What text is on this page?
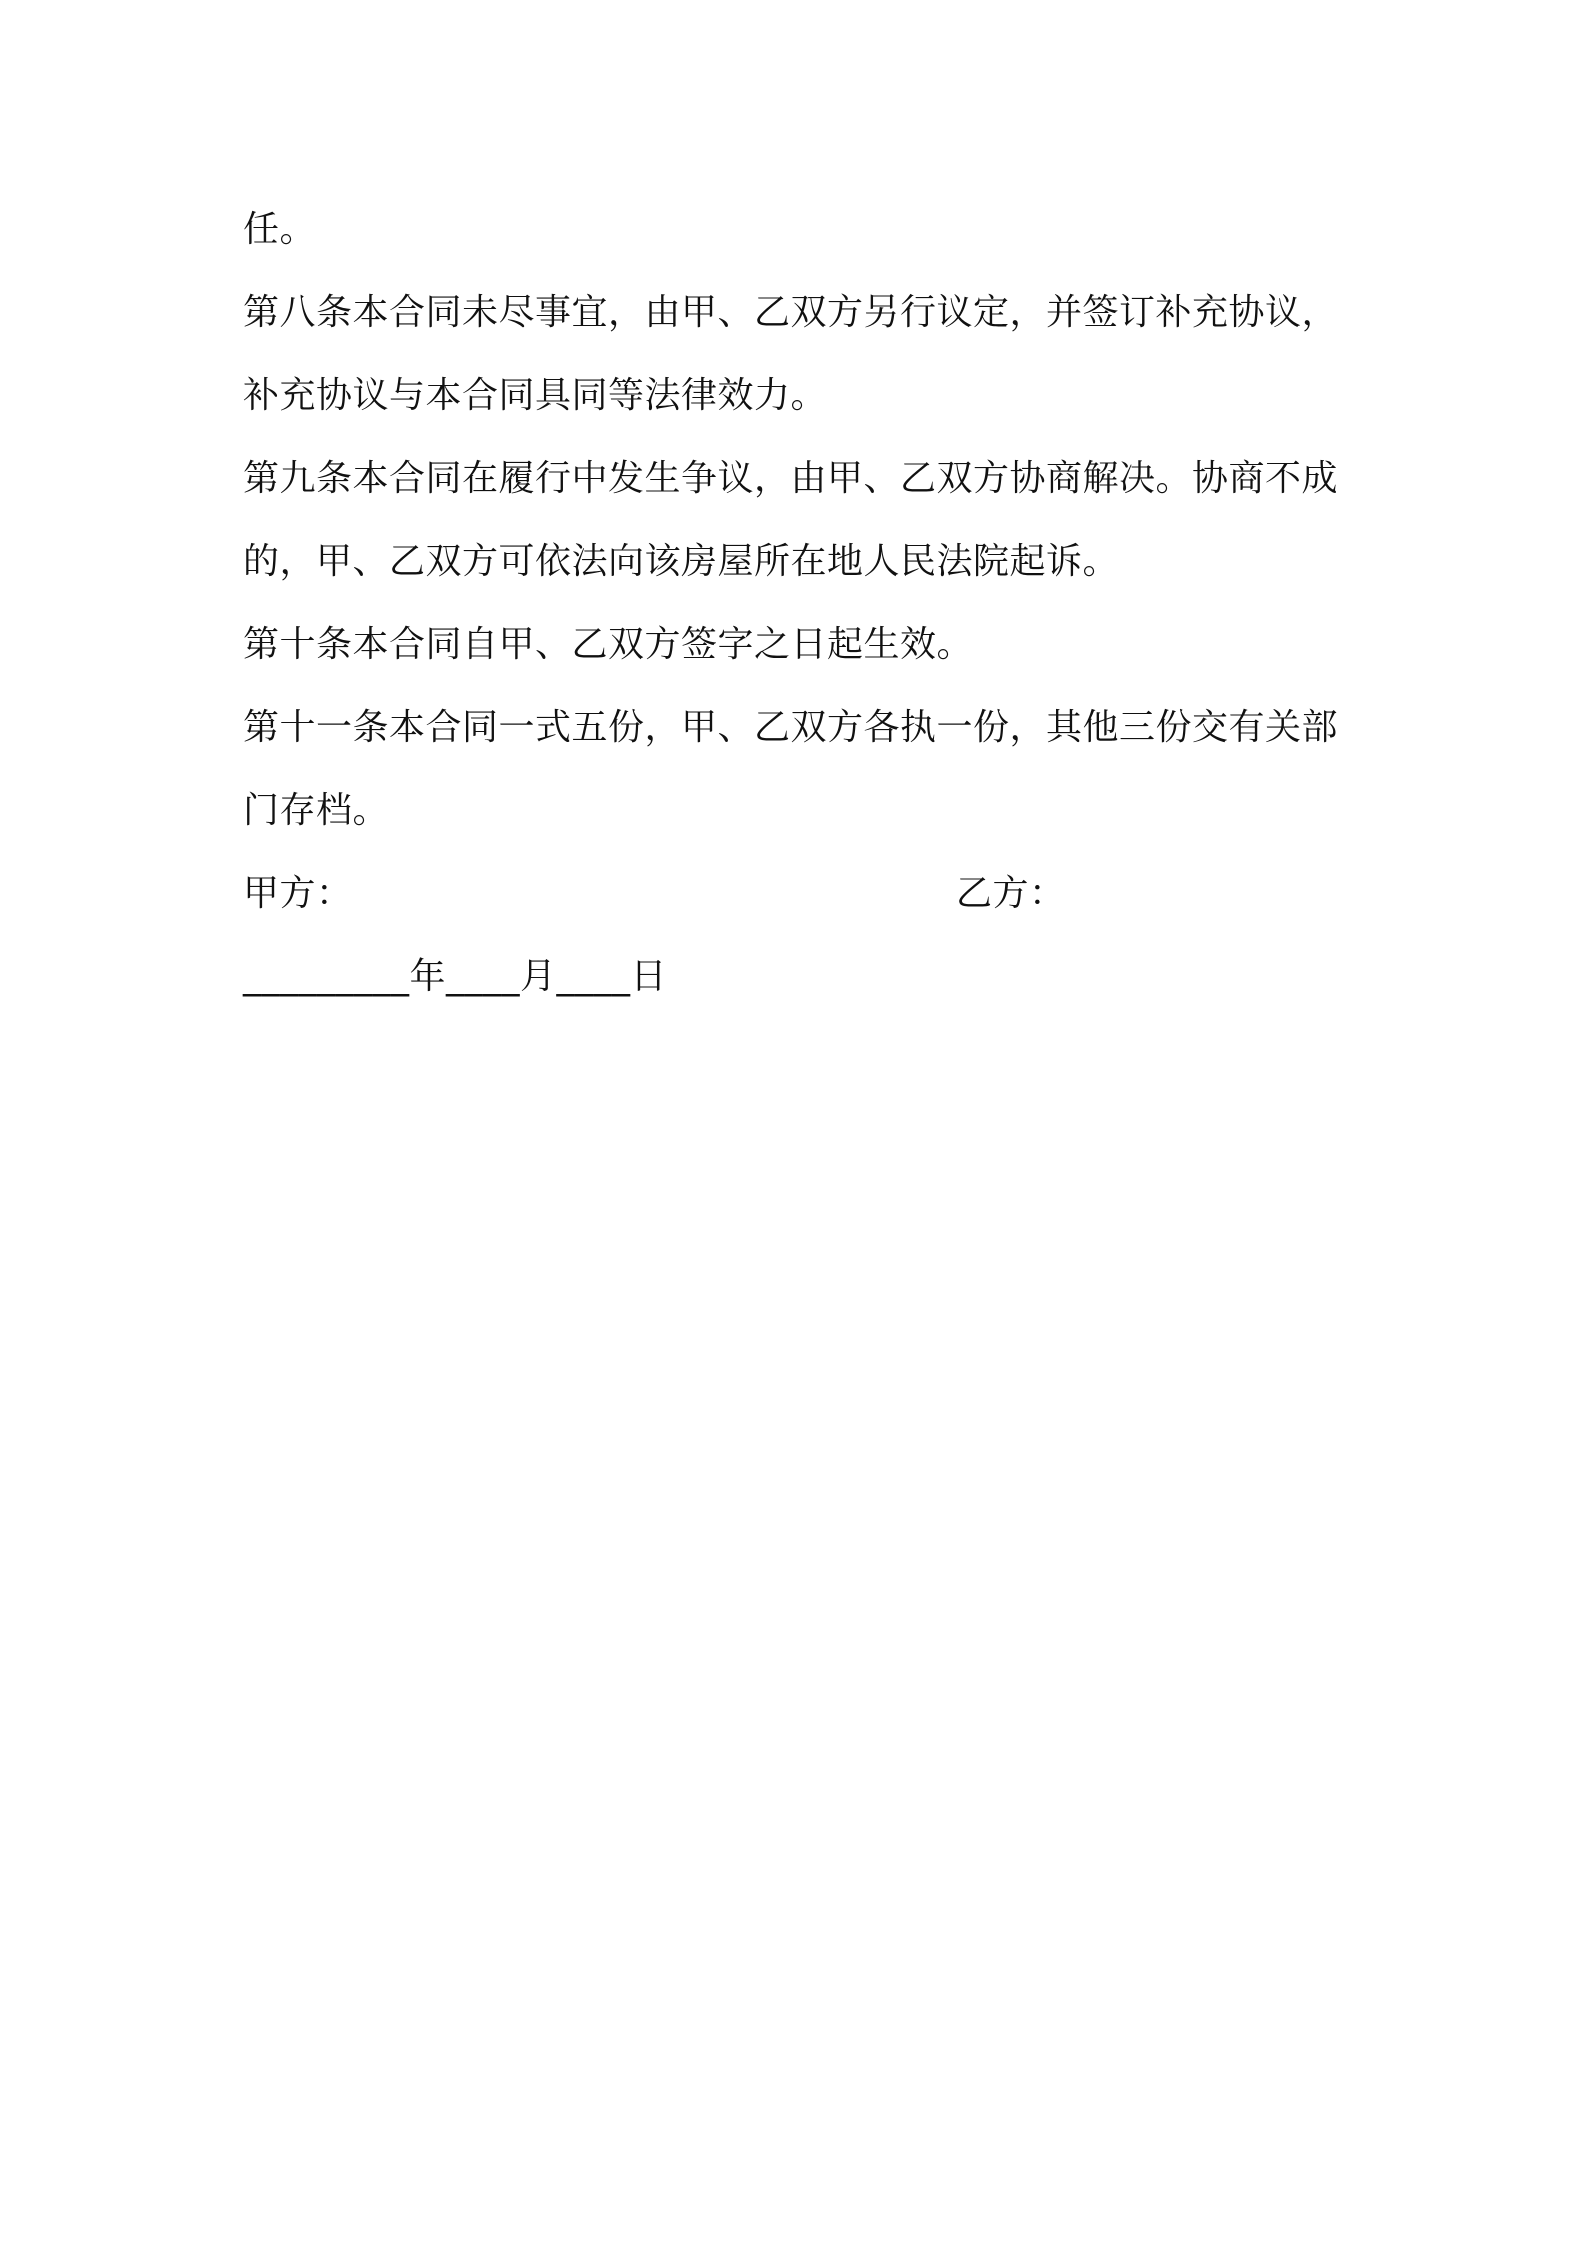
任。
第八条本合同未尽事宜，由甲、乙双方另行议定，并签订补充协议，
补充协议与本合同具同等法律效力。
第九条本合同在履行中发生争议，由甲、乙双方协商解决。协商不成
的，甲、乙双方可依法向该房屋所在地人民法院起诉。
第十条本合同自甲、乙双方签字之日起生效。
第十一条本合同一式五份，甲、乙双方各执一份，其他三份交有关部
门存档。
甲方：	乙方：
_________年____月____日
